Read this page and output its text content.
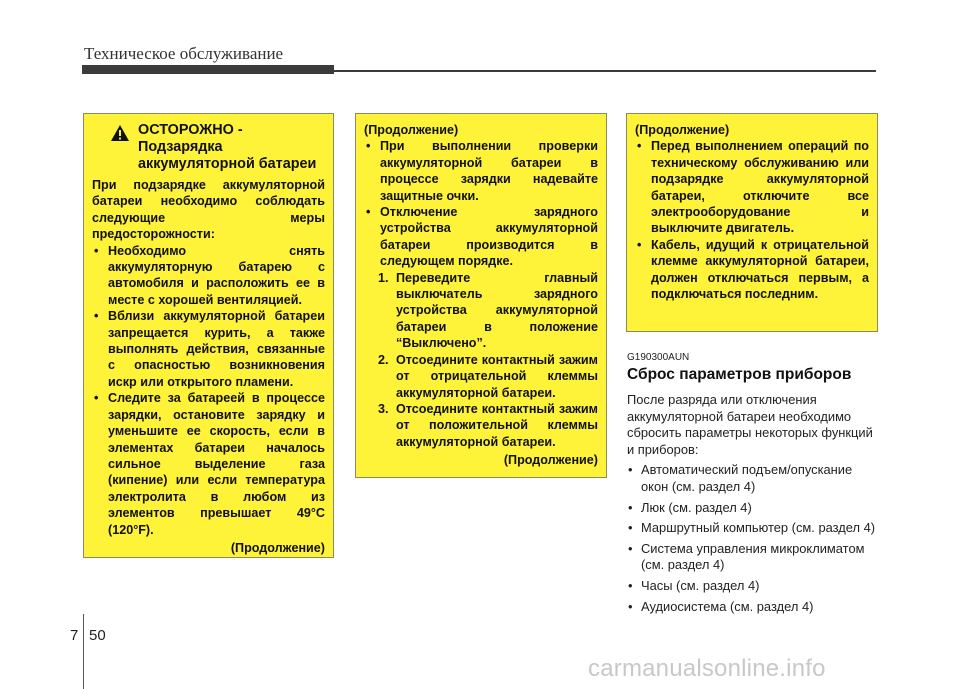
Техническое обслуживание
ОСТОРОЖНО -
Подзарядка
аккумуляторной батареи

При подзарядке аккумуляторной батареи необходимо соблюдать следующие меры предосторожности:

• Необходимо снять аккумуляторную батарею с автомобиля и расположить ее в месте с хорошей вентиляцией.
• Вблизи аккумуляторной батареи запрещается курить, а также выполнять действия, связанные с опасностью возникновения искр или открытого пламени.
• Следите за батареей в процессе зарядки, остановите зарядку и уменьшите ее скорость, если в элементах батареи началось сильное выделение газа (кипение) или если температура электролита в любом из элементов превышает 49°C (120°F).

(Продолжение)

(Продолжение)

• При выполнении проверки аккумуляторной батареи в процессе зарядки надевайте защитные очки.
• Отключение зарядного устройства аккумуляторной батареи производится в следующем порядке.
1. Переведите главный выключатель зарядного устройства аккумуляторной батареи в положение “Выключено”.
2. Отсоедините контактный зажим от отрицательной клеммы аккумуляторной батареи.
3. Отсоедините контактный зажим от положительной клеммы аккумуляторной батареи.

(Продолжение)

(Продолжение)

• Перед выполнением операций по техническому обслуживанию или подзарядке аккумуляторной батареи, отключите все электрооборудование и выключите двигатель.
• Кабель, идущий к отрицательной клемме аккумуляторной батареи, должен отключаться первым, а подключаться последним.
G190300AUN
Сброс параметров приборов

После разряда или отключения аккумуляторной батареи необходимо сбросить параметры некоторых функций и приборов:

• Автоматический подъем/опускание окон (см. раздел 4)
• Люк (см. раздел 4)
• Маршрутный компьютер (см. раздел 4)
• Система управления микроклиматом (см. раздел 4)
• Часы (см. раздел 4)
• Аудиосистема (см. раздел 4)
7 50
carmanualsonline.info
